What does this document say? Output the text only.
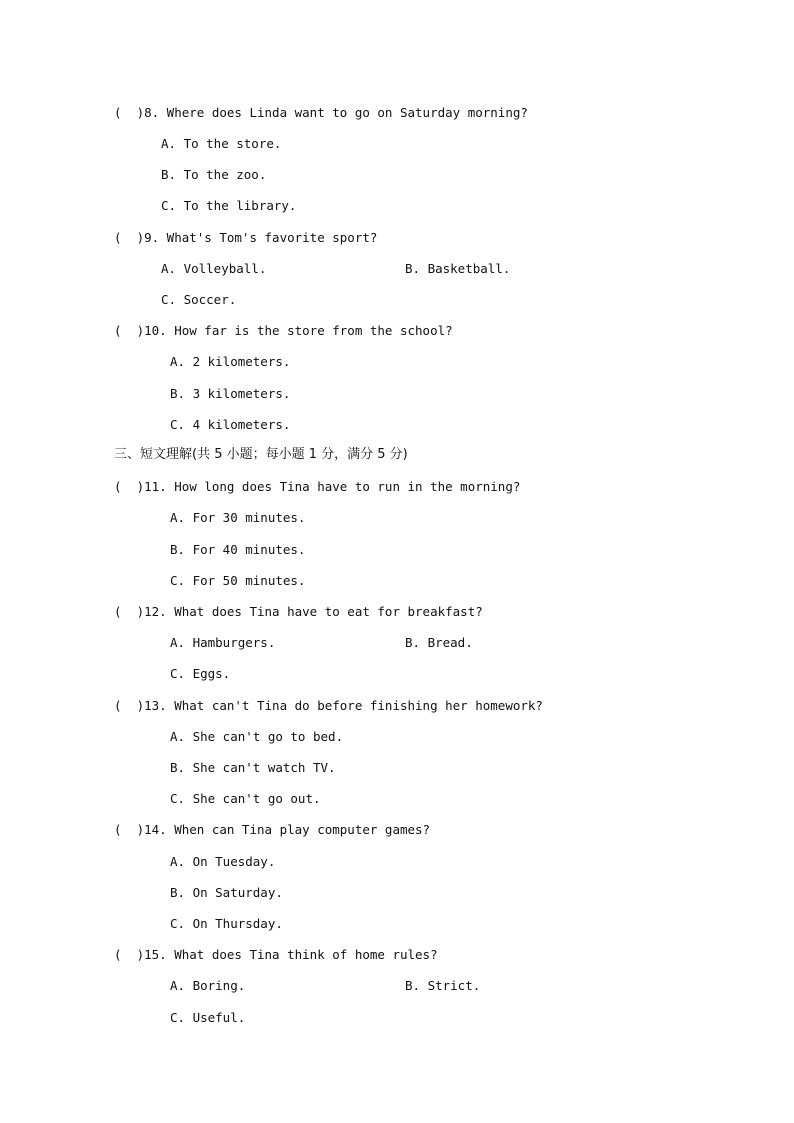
(  )8. Where does Linda want to go on Saturday morning?
A. To the store.
B. To the zoo.
C. To the library.
(  )9. What's Tom's favorite sport?
A. Volleyball.	B. Basketball.
C. Soccer.
(  )10. How far is the store from the school?
A. 2 kilometers.
B. 3 kilometers.
C. 4 kilometers.
三、短文理解(共 5 小题；每小题 1 分，满分 5 分)
(  )11. How long does Tina have to run in the morning?
A. For 30 minutes.
B. For 40 minutes.
C. For 50 minutes.
(  )12. What does Tina have to eat for breakfast?
A. Hamburgers.	B. Bread.
C. Eggs.
(  )13. What can't Tina do before finishing her homework?
A. She can't go to bed.
B. She can't watch TV.
C. She can't go out.
(  )14. When can Tina play computer games?
A. On Tuesday.
B. On Saturday.
C. On Thursday.
(  )15. What does Tina think of home rules?
A. Boring.	B. Strict.
C. Useful.
